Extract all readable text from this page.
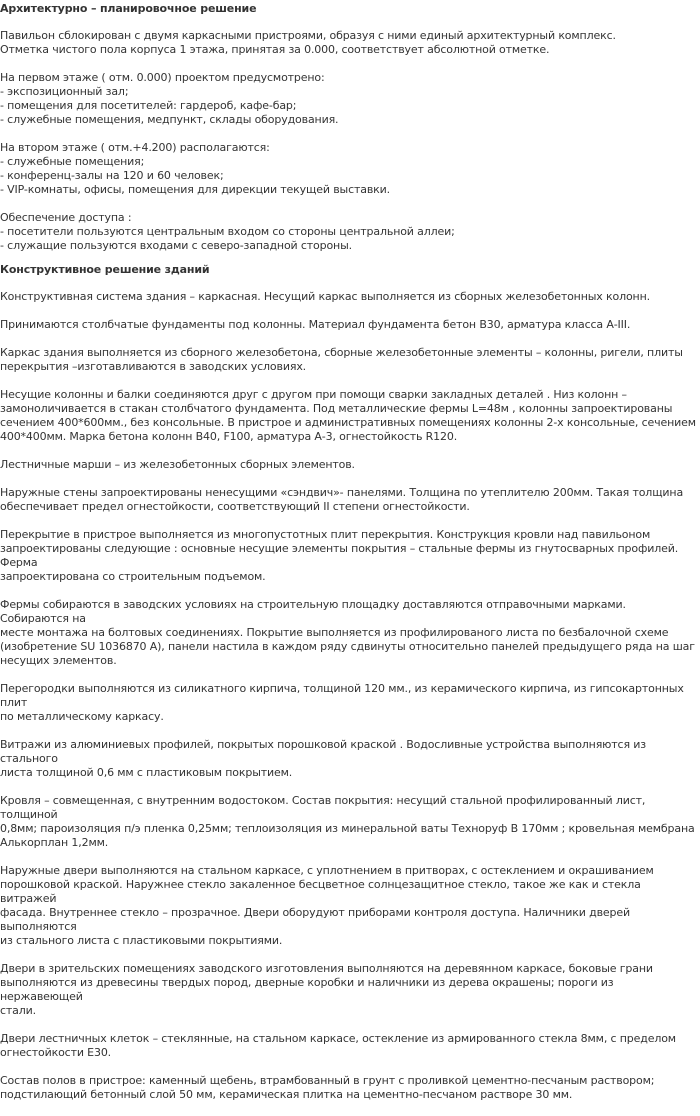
Архитектурно – планировочное решение

Павильон сблокирован с двумя каркасными пристроями, образуя с ними единый архитектурный комплекс.
Отметка чистого пола корпуса 1 этажа, принятая за 0.000, соответствует абсолютной отметке.

На первом этаже ( отм. 0.000) проектом предусмотрено:
- экспозиционный зал;
- помещения для посетителей: гардероб, кафе-бар;
- служебные помещения, медпункт, склады оборудования.

На втором этаже ( отм.+4.200) располагаются:
- служебные помещения;
- конференц-залы на 120 и 60 человек;
- VIP-комнаты, офисы, помещения для дирекции текущей выставки.

Обеспечение доступа :
- посетители пользуются центральным входом со стороны центральной аллеи;
- служащие пользуются входами с северо-западной стороны.

Конструктивное решение зданий

Конструктивная система здания – каркасная. Несущий каркас выполняется из сборных железобетонных колонн.

Принимаются столбчатые фундаменты под колонны. Материал фундамента бетон В30, арматура класса А-III.

Каркас здания выполняется из сборного железобетона, сборные железобетонные элементы – колонны, ригели, плиты
перекрытия –изготавливаются в заводских условиях.

Несущие колонны и балки соединяются друг с другом при помощи сварки закладных деталей . Низ колонн –
замоноличивается в стакан столбчатого фундамента. Под металлические фермы L=48м , колонны запроектированы
сечением 400*600мм., без консольные. В пристрое и административных помещениях колонны 2-х консольные, сечением
400*400мм. Марка бетона колонн В40, F100, арматура А-3, огнестойкость R120.

Лестничные марши – из железобетонных сборных элементов.

Наружные стены запроектированы ненесущими «сэндвич»- панелями. Толщина по утеплителю 200мм. Такая толщина
обеспечивает предел огнестойкости, соответствующий II степени огнестойкости.

Перекрытие в пристрое выполняется из многопустотных плит перекрытия. Конструкция кровли над павильоном
запроектированы следующие : основные несущие элементы покрытия – стальные фермы из гнутосварных профилей. Ферма
запроектирована со строительным подъемом.

Фермы собираются в заводских условиях на строительную площадку доставляются отправочными марками. Собираются на
месте монтажа на болтовых соединениях. Покрытие выполняется из профилированого листа по безбалочной схеме
(изобретение SU 1036870 A), панели настила в каждом ряду сдвинуты относительно панелей предыдущего ряда на шаг
несущих элементов.

Перегородки выполняются из силикатного кирпича, толщиной 120 мм., из керамического кирпича, из гипсокартонных плит
по металлическому каркасу.

Витражи из алюминиевых профилей, покрытых порошковой краской . Водосливные устройства выполняются из стального
листа толщиной 0,6 мм с пластиковым покрытием.

Кровля – совмещенная, с внутренним водостоком. Состав покрытия: несущий стальной профилированный лист, толщиной
0,8мм; пароизоляция п/э пленка 0,25мм; теплоизоляция из минеральной ваты Технорyф В 170мм ; кровельная мембрана
Алькорплан 1,2мм.

Наружные двери выполняются на стальном каркасе, с уплотнением в притворах, с остеклением и окрашиванием
порошковой краской. Наружнее стекло закаленное бесцветное солнцезащитное стекло, такое же как и стекла витражей
фасада. Внутреннее стекло – прозрачное. Двери оборудуют приборами контроля доступа. Наличники дверей выполняются
из стального листа с пластиковыми покрытиями.

Двери в зрительских помещениях заводского изготовления выполняются на деревянном каркасе, боковые грани
выполняются из древесины твердых пород, дверные коробки и наличники из дерева окрашены; пороги из нержавеющей
стали.

Двери лестничных клеток – стеклянные, на стальном каркасе, остекление из армированного стекла 8мм, с пределом
огнестойкости Е30.

Состав полов в пристрое: каменный щебень, втрамбованный в грунт с проливкой цементно-песчаным раствором;
подстилающий бетонный слой 50 мм, керамическая плитка на цементно-песчаном растворе 30 мм.
